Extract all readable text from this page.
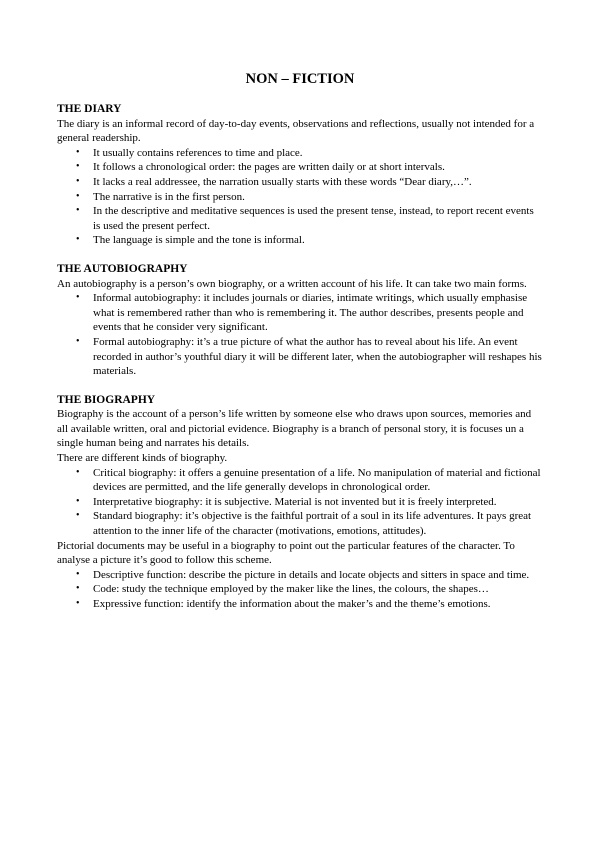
NON – FICTION
THE DIARY

The diary is an informal record of day-to-day events, observations and reflections, usually not intended for a general readership.

• It usually contains references to time and place.
• It follows a chronological order: the pages are written daily or at short intervals.
• It lacks a real addressee, the narration usually starts with these words “Dear diary,…”.
• The narrative is in the first person.
• In the descriptive and meditative sequences is used the present tense, instead, to report recent events is used the present perfect.
• The language is simple and the tone is informal.
THE AUTOBIOGRAPHY

An autobiography is a person’s own biography, or a written account of his life. It can take two main forms.

• Informal autobiography: it includes journals or diaries, intimate writings, which usually emphasise what is remembered rather than who is remembering it. The author describes, presents people and events that he consider very significant.
• Formal autobiography: it’s a true picture of what the author has to reveal about his life. An event recorded in author’s youthful diary it will be different later, when the autobiographer will reshapes his materials.
THE BIOGRAPHY

Biography is the account of a person’s life written by someone else who draws upon sources, memories and all available written, oral and pictorial evidence. Biography is a branch of personal story, it is focuses un a single human being and narrates his details.

There are different kinds of biography.

• Critical biography: it offers a genuine presentation of a life. No manipulation of material and fictional devices are permitted, and the life generally develops in chronological order.
• Interpretative biography: it is subjective. Material is not invented but it is freely interpreted.
• Standard biography: it’s objective is the faithful portrait of a soul in its life adventures. It pays great attention to the inner life of the character (motivations, emotions, attitudes).

Pictorial documents may be useful in a biography to point out the particular features of the character. To analyse a picture it’s good to follow this scheme.

• Descriptive function: describe the picture in details and locate objects and sitters in space and time.
• Code: study the technique employed by the maker like the lines, the colours, the shapes…
• Expressive function: identify the information about the maker’s and the theme’s emotions.
